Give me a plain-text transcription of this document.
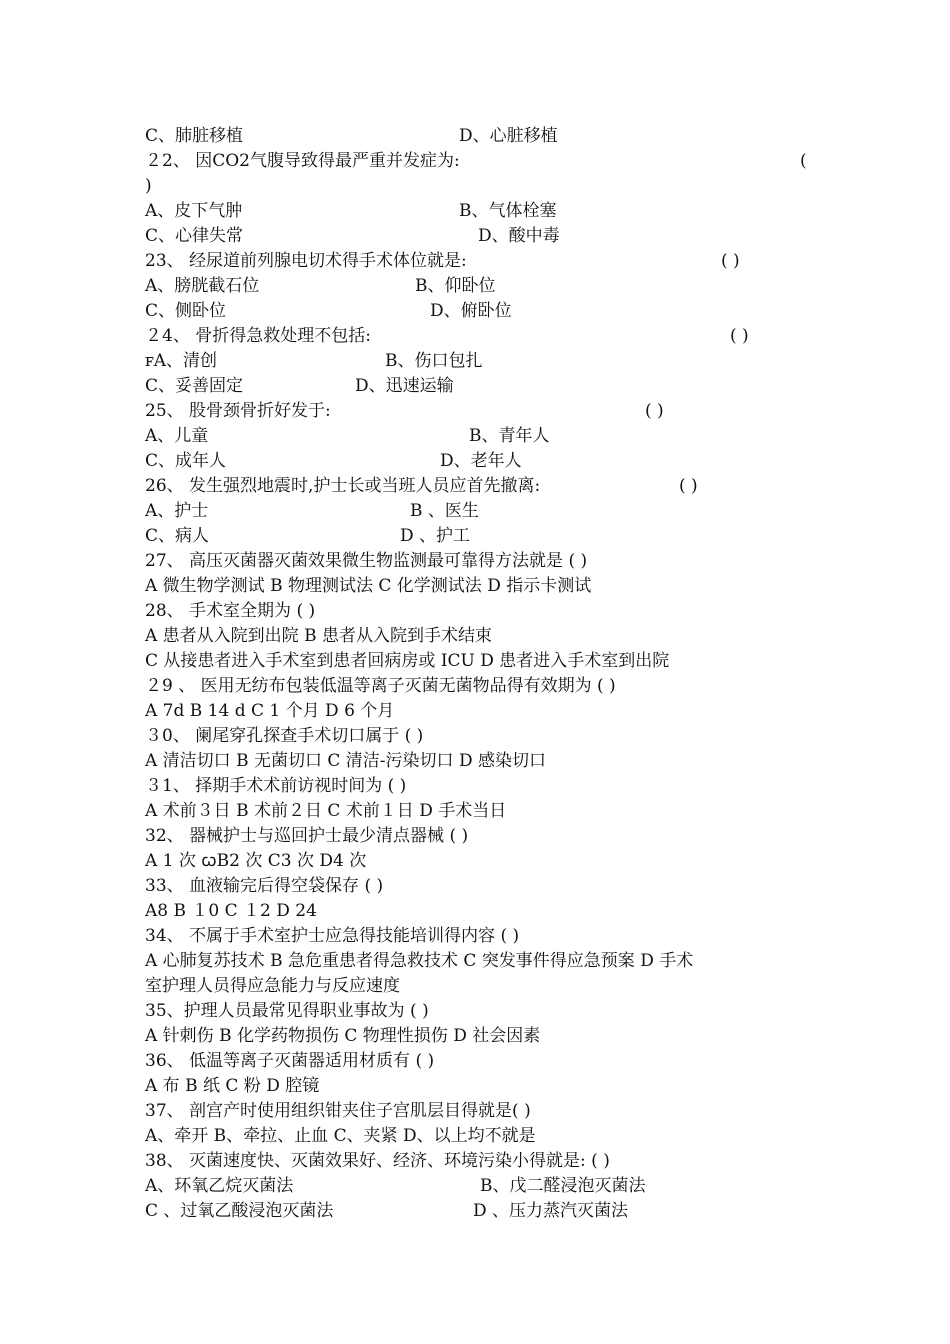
C、肺脏移植	D、心脏移植
２2、 因CO2气腹导致得最严重并发症为:	(
)
A、皮下气肿	B、气体栓塞
C、心律失常	D、酸中毒
23、 经尿道前列腺电切术得手术体位就是:	( )
A、膀胱截石位	B、仰卧位
C、侧卧位	D、俯卧位
２4、 骨折得急救处理不包括:	( )
ꜰA、清创	B、伤口包扎
C、妥善固定	D、迅速运输
25、 股骨颈骨折好发于:	( )
A、儿童	B、青年人
C、成年人	D、老年人
26、 发生强烈地震时,护士长或当班人员应首先撤离:	( )
A、护士	B 、医生
C、病人	D 、护工
27、 高压灭菌器灭菌效果微生物监测最可靠得方法就是 ( )
A 微生物学测试 B 物理测试法 C 化学测试法 D 指示卡测试
28、 手术室全期为 ( )
A 患者从入院到出院 B 患者从入院到手术结束
C 从接患者进入手术室到患者回病房或 ICU D 患者进入手术室到出院
２9 、 医用无纺布包装低温等离子灭菌无菌物品得有效期为 ( )
A 7d B 14 d C 1 个月 D 6 个月
３0、 阑尾穿孔探查手术切口属于 ( )
A 清洁切口 B 无菌切口 C 清洁-污染切口 D 感染切口
３1、 择期手术术前访视时间为 ( )
A 术前３日 B 术前２日 C 术前１日 D 手术当日
32、 器械护士与巡回护士最少清点器械 ( )
A 1 次 ꞷB2 次 C3 次 D4 次
33、 血液输完后得空袋保存 ( )
A8 B １0 C １2 D 24
34、 不属于手术室护士应急得技能培训得内容 ( )
A 心肺复苏技术 B 急危重患者得急救技术 C 突发事件得应急预案 D 手术
室护理人员得应急能力与反应速度
35、护理人员最常见得职业事故为 ( )
A 针刺伤 B 化学药物损伤 C 物理性损伤 D 社会因素
36、 低温等离子灭菌器适用材质有 ( )
A 布 B 纸 C 粉 D 腔镜
37、 剖宫产时使用组织钳夹住子宫肌层目得就是( )
A、牵开 B、牵拉、止血 C、夹紧 D、以上均不就是
38、 灭菌速度快、灭菌效果好、经济、环境污染小得就是: ( )
A、环氧乙烷灭菌法	B、戊二醛浸泡灭菌法
C 、过氧乙酸浸泡灭菌法	D 、压力蒸汽灭菌法
